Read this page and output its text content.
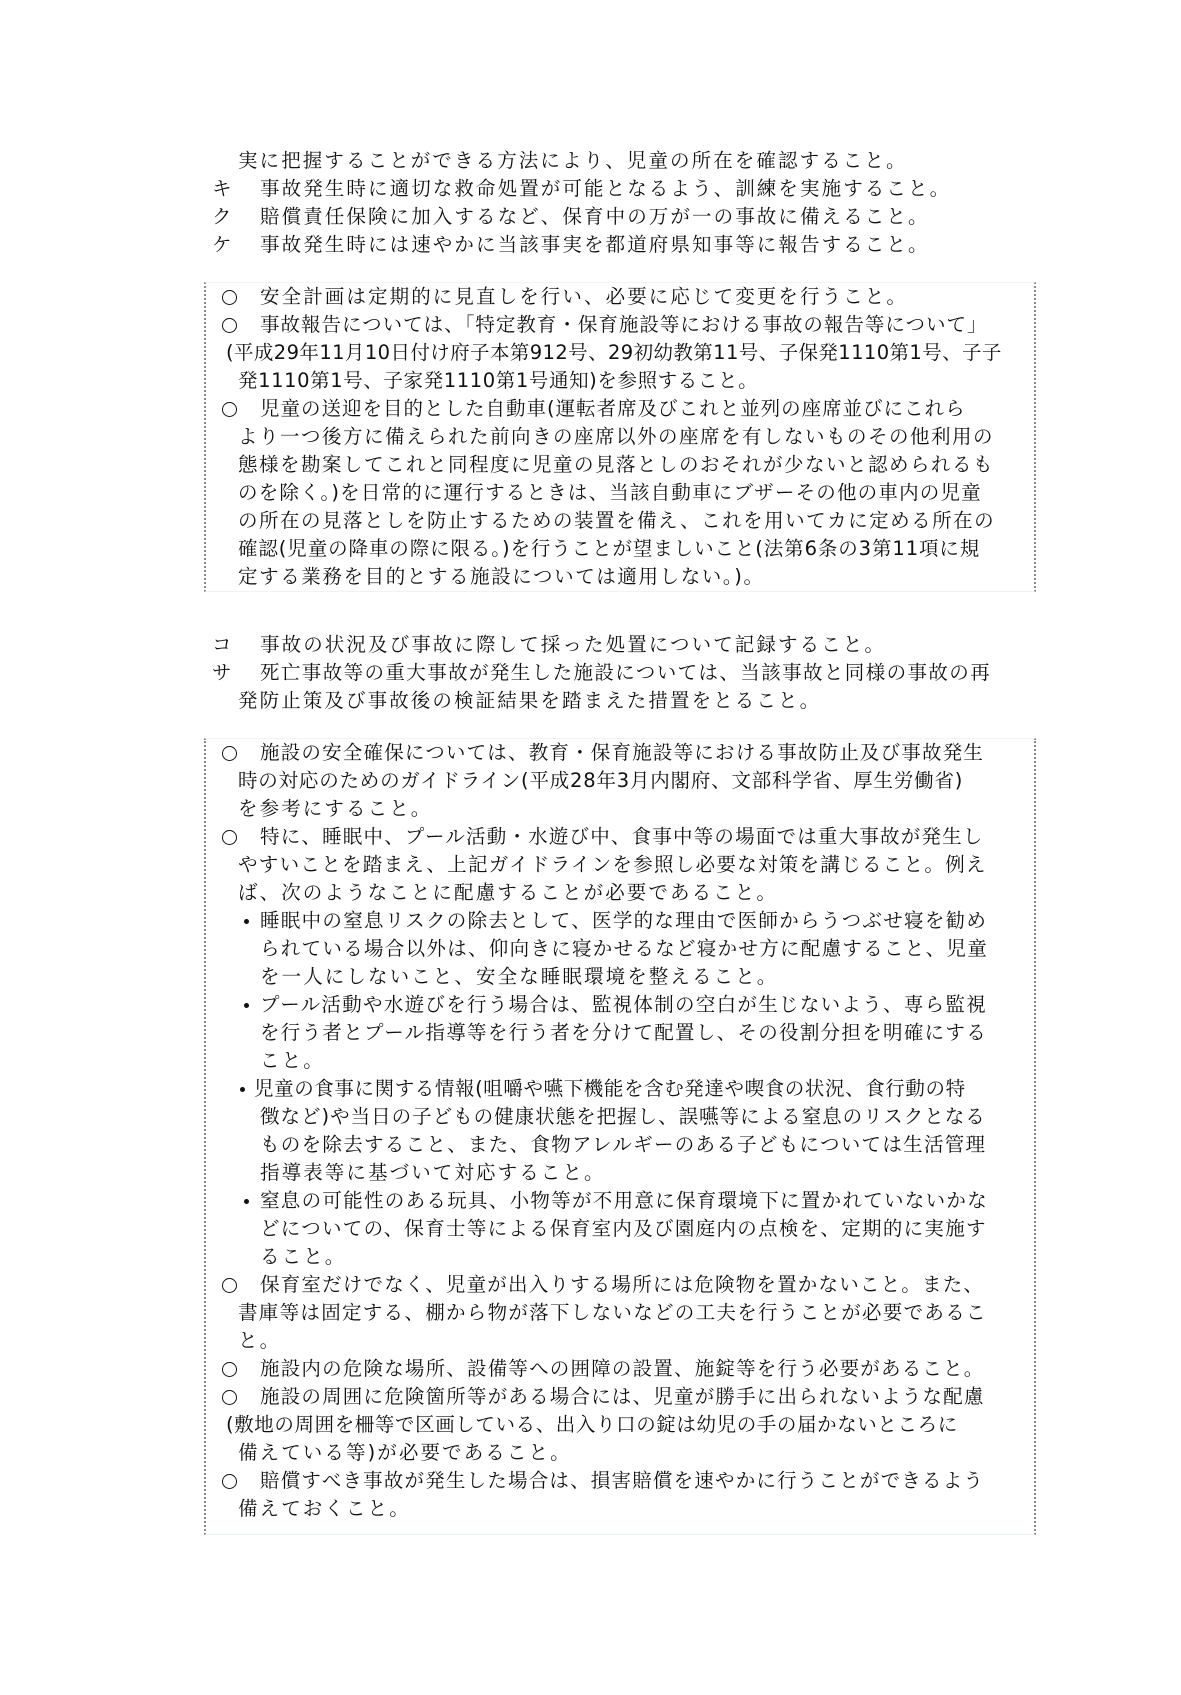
実に把握することができる方法により、児童の所在を確認すること。
キ 事故発生時に適切な救命処置が可能となるよう、訓練を実施すること。
ク 賠償責任保険に加入するなど、保育中の万が一の事故に備えること。
ケ 事故発生時には速やかに当該事実を都道府県知事等に報告すること。
安全計画は定期的に見直しを行い、必要に応じて変更を行うこと。
事故報告については、「特定教育・保育施設等における事故の報告等について」
(平成29年11月10日付け府子本第912号、29初幼教第11号、子保発1110第1号、子子
発1110第1号、子家発1110第1号通知)を参照すること。
児童の送迎を目的とした自動車(運転者席及びこれと並列の座席並びにこれら
より一つ後方に備えられた前向きの座席以外の座席を有しないものその他利用の
態様を勘案してこれと同程度に児童の見落としのおそれが少ないと認められるも
のを除く。)を日常的に運行するときは、当該自動車にブザーその他の車内の児童
の所在の見落としを防止するための装置を備え、これを用いてカに定める所在の
確認(児童の降車の際に限る。)を行うことが望ましいこと(法第6条の3第11項に規
定する業務を目的とする施設については適用しない。)。
コ 事故の状況及び事故に際して採った処置について記録すること。
サ 死亡事故等の重大事故が発生した施設については、当該事故と同様の事故の再
発防止策及び事故後の検証結果を踏まえた措置をとること。
施設の安全確保については、教育・保育施設等における事故防止及び事故発生
時の対応のためのガイドライン(平成28年3月内閣府、文部科学省、厚生労働省)
を参考にすること。
特に、睡眠中、プール活動・水遊び中、食事中等の場面では重大事故が発生し
やすいことを踏まえ、上記ガイドラインを参照し必要な対策を講じること。例え
ば、次のようなことに配慮することが必要であること。
睡眠中の窒息リスクの除去として、医学的な理由で医師からうつぶせ寝を勧め
られている場合以外は、仰向きに寝かせるなど寝かせ方に配慮すること、児童
を一人にしないこと、安全な睡眠環境を整えること。
プール活動や水遊びを行う場合は、監視体制の空白が生じないよう、専ら監視
を行う者とプール指導等を行う者を分けて配置し、その役割分担を明確にする
こと。
児童の食事に関する情報(咀嚼や嚥下機能を含む発達や喫食の状況、食行動の特
徴など)や当日の子どもの健康状態を把握し、誤嚥等による窒息のリスクとなる
ものを除去すること、また、食物アレルギーのある子どもについては生活管理
指導表等に基づいて対応すること。
窒息の可能性のある玩具、小物等が不用意に保育環境下に置かれていないかな
どについての、保育士等による保育室内及び園庭内の点検を、定期的に実施す
ること。
保育室だけでなく、児童が出入りする場所には危険物を置かないこと。また、
書庫等は固定する、棚から物が落下しないなどの工夫を行うことが必要であるこ
と。
施設内の危険な場所、設備等への囲障の設置、施錠等を行う必要があること。
施設の周囲に危険箇所等がある場合には、児童が勝手に出られないような配慮
(敷地の周囲を柵等で区画している、出入り口の錠は幼児の手の届かないところに
備えている等)が必要であること。
賠償すべき事故が発生した場合は、損害賠償を速やかに行うことができるよう
備えておくこと。
